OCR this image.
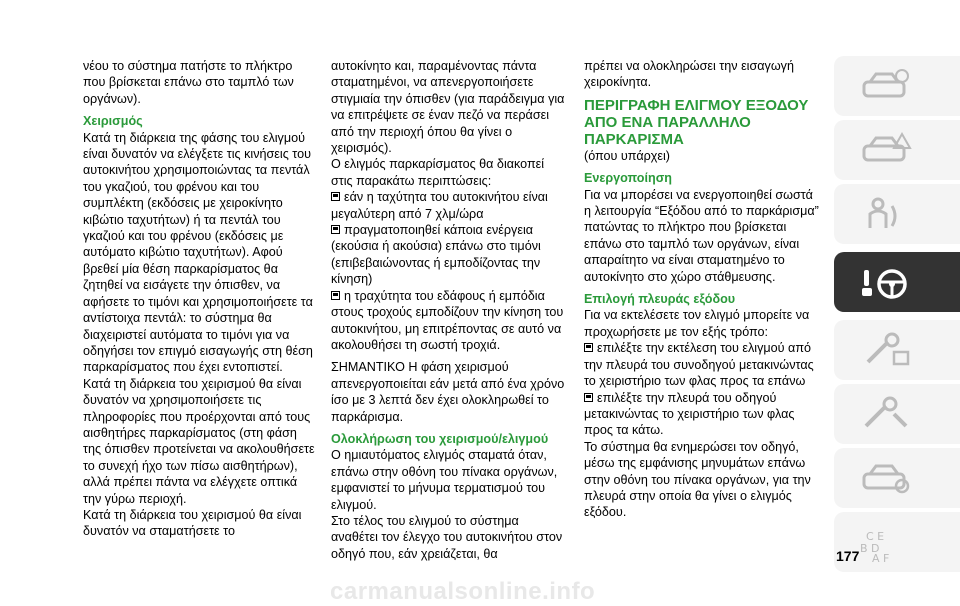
νέου το σύστημα πατήστε το πλήκτρο που βρίσκεται επάνω στο ταμπλό των οργάνων).

Χειρισμός

Κατά τη διάρκεια της φάσης του ελιγμού είναι δυνατόν να ελέγξετε τις κινήσεις του αυτοκινήτου χρησιμοποιώντας τα πεντάλ του γκαζιού, του φρένου και του συμπλέκτη (εκδόσεις με χειροκίνητο κιβώτιο ταχυτήτων) ή τα πεντάλ του γκαζιού και του φρένου (εκδόσεις με αυτόματο κιβώτιο ταχυτήτων). Αφού βρεθεί μία θέση παρκαρίσματος θα ζητηθεί να εισάγετε την όπισθεν, να αφήσετε το τιμόνι και χρησιμοποιήσετε τα αντίστοιχα πεντάλ: το σύστημα θα διαχειριστεί αυτόματα το τιμόνι για να οδηγήσει τον επιγμό εισαγωγής στη θέση παρκαρίσματος που έχει εντοπιστεί.

Κατά τη διάρκεια του χειρισμού θα είναι δυνατόν να χρησιμοποιήσετε τις πληροφορίες που προέρχονται από τους αισθητήρες παρκαρίσματος (στη φάση της όπισθεν προτείνεται να ακολουθήσετε το συνεχή ήχο των πίσω αισθητήρων), αλλά πρέπει πάντα να ελέγχετε οπτικά την γύρω περιοχή.

Κατά τη διάρκεια του χειρισμού θα είναι δυνατόν να σταματήσετε το

αυτοκίνητο και, παραμένοντας πάντα σταματημένοι, να απενεργοποιήσετε στιγμιαία την όπισθεν (για παράδειγμα για να επιτρέψετε σε έναν πεζό να περάσει από την περιοχή όπου θα γίνει ο χειρισμός).

Ο ελιγμός παρκαρίσματος θα διακοπεί στις παρακάτω περιπτώσεις:

εάν η ταχύτητα του αυτοκινήτου είναι μεγαλύτερη από 7 χλμ/ώρα

πραγματοποιηθεί κάποια ενέργεια (εκούσια ή ακούσια) επάνω στο τιμόνι (επιβεβαιώνοντας ή εμποδίζοντας την κίνηση)

η τραχύτητα του εδάφους ή εμπόδια στους τροχούς εμποδίζουν την κίνηση του αυτοκινήτου, μη επιτρέποντας σε αυτό να ακολουθήσει τη σωστή τροχιά.

ΣΗΜΑΝΤΙΚΟ Η φάση χειρισμού απενεργοποιείται εάν μετά από ένα χρόνο ίσο με 3 λεπτά δεν έχει ολοκληρωθεί το παρκάρισμα.

Ολοκλήρωση του χειρισμού/ελιγμού

Ο ημιαυτόματος ελιγμός σταματά όταν, επάνω στην οθόνη του πίνακα οργάνων, εμφανιστεί το μήνυμα τερματισμού του ελιγμού.

Στο τέλος του ελιγμού το σύστημα αναθέτει τον έλεγχο του αυτοκινήτου στον οδηγό που, εάν χρειάζεται, θα

πρέπει να ολοκληρώσει την εισαγωγή χειροκίνητα.

ΠΕΡΙΓΡΑΦΗ ΕΛΙΓΜΟΥ ΕΞΟΔΟΥ ΑΠΟ ΕΝΑ ΠΑΡΑΛΛΗΛΟ ΠΑΡΚΑΡΙΣΜΑ

(όπου υπάρχει)

Ενεργοποίηση

Για να μπορέσει να ενεργοποιηθεί σωστά η λειτουργία “Εξόδου από το παρκάρισμα” πατώντας το πλήκτρο που βρίσκεται επάνω στο ταμπλό των οργάνων, είναι απαραίτητο να είναι σταματημένο το αυτοκίνητο στο χώρο στάθμευσης.

Επιλογή πλευράς εξόδου

Για να εκτελέσετε τον ελιγμό μπορείτε να προχωρήσετε με τον εξής τρόπο:

επιλέξτε την εκτέλεση του ελιγμού από την πλευρά του συνοδηγού μετακινώντας το χειριστήριο των φλας προς τα επάνω

επιλέξτε την πλευρά του οδηγού μετακινώντας το χειριστήριο των φλας προς τα κάτω.

Το σύστημα θα ενημερώσει τον οδηγό, μέσω της εμφάνισης μηνυμάτων επάνω στην οθόνη του πίνακα οργάνων, για την πλευρά στην οποία θα γίνει ο ελιγμός εξόδου.

C E
B D
A F
177
carmanualsonline.info
